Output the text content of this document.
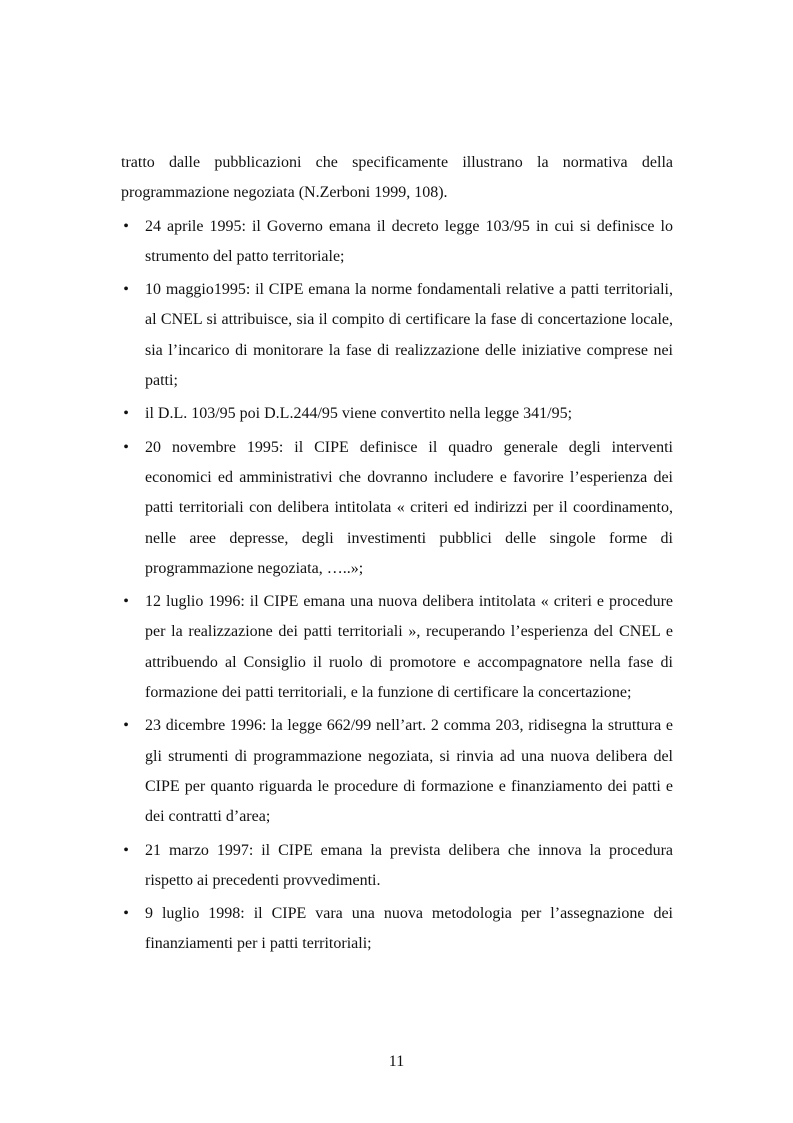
tratto dalle pubblicazioni che specificamente illustrano la normativa della programmazione negoziata (N.Zerboni 1999, 108).

• 24 aprile 1995: il Governo emana il decreto legge 103/95 in cui si definisce lo strumento del patto territoriale;
• 10 maggio1995: il CIPE emana la norme fondamentali relative a patti territoriali, al CNEL si attribuisce, sia il compito di certificare la fase di concertazione locale, sia l’incarico di monitorare la fase di realizzazione delle iniziative comprese nei patti;
• il D.L. 103/95 poi D.L.244/95 viene convertito nella legge 341/95;
• 20 novembre 1995: il CIPE definisce il quadro generale degli interventi economici ed amministrativi che dovranno includere e favorire l’esperienza dei patti territoriali con delibera intitolata « criteri ed indirizzi per il coordinamento, nelle aree depresse, degli investimenti pubblici delle singole forme di programmazione negoziata, …..»;
• 12 luglio 1996: il CIPE emana una nuova delibera intitolata « criteri e procedure per la realizzazione dei patti territoriali », recuperando l’esperienza del CNEL e attribuendo al Consiglio il ruolo di promotore e accompagnatore nella fase di formazione dei patti territoriali, e la funzione di certificare la concertazione;
• 23 dicembre 1996: la legge 662/99 nell’art. 2 comma 203, ridisegna la struttura e gli strumenti di programmazione negoziata, si rinvia ad una nuova delibera del CIPE per quanto riguarda le procedure di formazione e finanziamento dei patti e dei contratti d’area;
• 21 marzo 1997: il CIPE emana la prevista delibera che innova la procedura rispetto ai precedenti provvedimenti.
• 9 luglio 1998: il CIPE vara una nuova metodologia per l’assegnazione dei finanziamenti per i patti territoriali;
11
